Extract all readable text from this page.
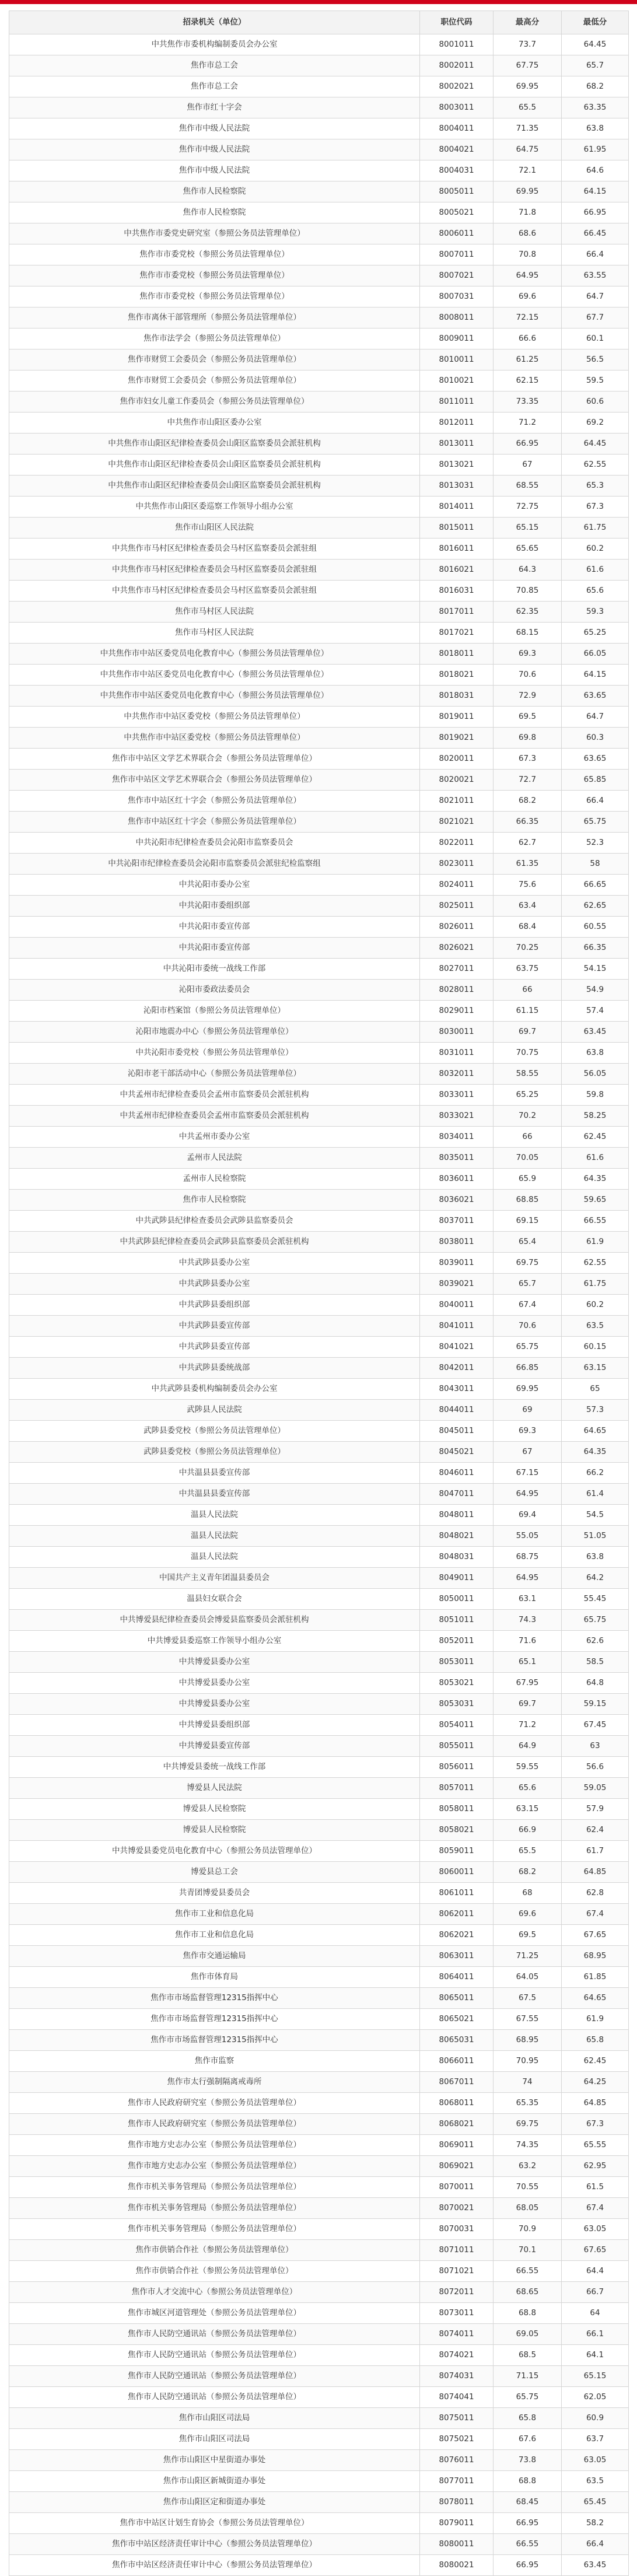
招录机关（单位）	职位代码	最高分	最低分
中共焦作市委机构编制委员会办公室	8001011	73.7	64.45
焦作市总工会	8002011	67.75	65.7
焦作市总工会	8002021	69.95	68.2
焦作市红十字会	8003011	65.5	63.35
焦作市中级人民法院	8004011	71.35	63.8
焦作市中级人民法院	8004021	64.75	61.95
焦作市中级人民法院	8004031	72.1	64.6
焦作市人民检察院	8005011	69.95	64.15
焦作市人民检察院	8005021	71.8	66.95
中共焦作市委党史研究室（参照公务员法管理单位）	8006011	68.6	66.45
焦作市市委党校（参照公务员法管理单位）	8007011	70.8	66.4
焦作市市委党校（参照公务员法管理单位）	8007021	64.95	63.55
焦作市市委党校（参照公务员法管理单位）	8007031	69.6	64.7
焦作市离休干部管理所（参照公务员法管理单位）	8008011	72.15	67.7
焦作市法学会（参照公务员法管理单位）	8009011	66.6	60.1
焦作市财贸工会委员会（参照公务员法管理单位）	8010011	61.25	56.5
焦作市财贸工会委员会（参照公务员法管理单位）	8010021	62.15	59.5
焦作市妇女儿童工作委员会（参照公务员法管理单位）	8011011	73.35	60.6
中共焦作市山阳区委办公室	8012011	71.2	69.2
中共焦作市山阳区纪律检查委员会山阳区监察委员会派驻机构	8013011	66.95	64.45
中共焦作市山阳区纪律检查委员会山阳区监察委员会派驻机构	8013021	67	62.55
中共焦作市山阳区纪律检查委员会山阳区监察委员会派驻机构	8013031	68.55	65.3
中共焦作市山阳区委巡察工作领导小组办公室	8014011	72.75	67.3
焦作市山阳区人民法院	8015011	65.15	61.75
中共焦作市马村区纪律检查委员会马村区监察委员会派驻组	8016011	65.65	60.2
中共焦作市马村区纪律检查委员会马村区监察委员会派驻组	8016021	64.3	61.6
中共焦作市马村区纪律检查委员会马村区监察委员会派驻组	8016031	70.85	65.6
焦作市马村区人民法院	8017011	62.35	59.3
焦作市马村区人民法院	8017021	68.15	65.25
中共焦作市中站区委党员电化教育中心（参照公务员法管理单位）	8018011	69.3	66.05
中共焦作市中站区委党员电化教育中心（参照公务员法管理单位）	8018021	70.6	64.15
中共焦作市中站区委党员电化教育中心（参照公务员法管理单位）	8018031	72.9	63.65
中共焦作市中站区委党校（参照公务员法管理单位）	8019011	69.5	64.7
中共焦作市中站区委党校（参照公务员法管理单位）	8019021	69.8	60.3
焦作市中站区文学艺术界联合会（参照公务员法管理单位）	8020011	67.3	63.65
焦作市中站区文学艺术界联合会（参照公务员法管理单位）	8020021	72.7	65.85
焦作市中站区红十字会（参照公务员法管理单位）	8021011	68.2	66.4
焦作市中站区红十字会（参照公务员法管理单位）	8021021	66.35	65.75
中共沁阳市纪律检查委员会沁阳市监察委员会	8022011	62.7	52.3
中共沁阳市纪律检查委员会沁阳市监察委员会派驻纪检监察组	8023011	61.35	58
中共沁阳市委办公室	8024011	75.6	66.65
中共沁阳市委组织部	8025011	63.4	62.65
中共沁阳市委宣传部	8026011	68.4	60.55
中共沁阳市委宣传部	8026021	70.25	66.35
中共沁阳市委统一战线工作部	8027011	63.75	54.15
沁阳市委政法委员会	8028011	66	54.9
沁阳市档案馆（参照公务员法管理单位）	8029011	61.15	57.4
沁阳市地震办中心（参照公务员法管理单位）	8030011	69.7	63.45
中共沁阳市委党校（参照公务员法管理单位）	8031011	70.75	63.8
沁阳市老干部活动中心（参照公务员法管理单位）	8032011	58.55	56.05
中共孟州市纪律检查委员会孟州市监察委员会派驻机构	8033011	65.25	59.8
中共孟州市纪律检查委员会孟州市监察委员会派驻机构	8033021	70.2	58.25
中共孟州市委办公室	8034011	66	62.45
孟州市人民法院	8035011	70.05	61.6
孟州市人民检察院	8036011	65.9	64.35
焦作市人民检察院	8036021	68.85	59.65
中共武陟县纪律检查委员会武陟县监察委员会	8037011	69.15	66.55
中共武陟县纪律检查委员会武陟县监察委员会派驻机构	8038011	65.4	61.9
中共武陟县委办公室	8039011	69.75	62.55
中共武陟县委办公室	8039021	65.7	61.75
中共武陟县委组织部	8040011	67.4	60.2
中共武陟县委宣传部	8041011	70.6	63.5
中共武陟县委宣传部	8041021	65.75	60.15
中共武陟县委统战部	8042011	66.85	63.15
中共武陟县委机构编制委员会办公室	8043011	69.95	65
武陟县人民法院	8044011	69	57.3
武陟县委党校（参照公务员法管理单位）	8045011	69.3	64.65
武陟县委党校（参照公务员法管理单位）	8045021	67	64.35
中共温县县委宣传部	8046011	67.15	66.2
中共温县县委宣传部	8047011	64.95	61.4
温县人民法院	8048011	69.4	54.5
温县人民法院	8048021	55.05	51.05
温县人民法院	8048031	68.75	63.8
中国共产主义青年团温县委员会	8049011	64.95	64.2
温县妇女联合会	8050011	63.1	55.45
中共博爱县纪律检查委员会博爱县监察委员会派驻机构	8051011	74.3	65.75
中共博爱县委巡察工作领导小组办公室	8052011	71.6	62.6
中共博爱县委办公室	8053011	65.1	58.5
中共博爱县委办公室	8053021	67.95	64.8
中共博爱县委办公室	8053031	69.7	59.15
中共博爱县委组织部	8054011	71.2	67.45
中共博爱县委宣传部	8055011	64.9	63
中共博爱县委统一战线工作部	8056011	59.55	56.6
博爱县人民法院	8057011	65.6	59.05
博爱县人民检察院	8058011	63.15	57.9
博爱县人民检察院	8058021	66.9	62.4
中共博爱县委党员电化教育中心（参照公务员法管理单位）	8059011	65.5	61.7
博爱县总工会	8060011	68.2	64.85
共青团博爱县委员会	8061011	68	62.8
焦作市工业和信息化局	8062011	69.6	67.4
焦作市工业和信息化局	8062021	69.5	67.65
焦作市交通运输局	8063011	71.25	68.95
焦作市体育局	8064011	64.05	61.85
焦作市市场监督管理12315指挥中心	8065011	67.5	64.65
焦作市市场监督管理12315指挥中心	8065021	67.55	61.9
焦作市市场监督管理12315指挥中心	8065031	68.95	65.8
焦作市监察	8066011	70.95	62.45
焦作市太行强制隔离戒毒所	8067011	74	64.25
焦作市人民政府研究室（参照公务员法管理单位）	8068011	65.35	64.85
焦作市人民政府研究室（参照公务员法管理单位）	8068021	69.75	67.3
焦作市地方史志办公室（参照公务员法管理单位）	8069011	74.35	65.55
焦作市地方史志办公室（参照公务员法管理单位）	8069021	63.2	62.95
焦作市机关事务管理局（参照公务员法管理单位）	8070011	70.55	61.5
焦作市机关事务管理局（参照公务员法管理单位）	8070021	68.05	67.4
焦作市机关事务管理局（参照公务员法管理单位）	8070031	70.9	63.05
焦作市供销合作社（参照公务员法管理单位）	8071011	70.1	67.65
焦作市供销合作社（参照公务员法管理单位）	8071021	66.55	64.4
焦作市人才交流中心（参照公务员法管理单位）	8072011	68.65	66.7
焦作市城区河道管理处（参照公务员法管理单位）	8073011	68.8	64
焦作市人民防空通讯站（参照公务员法管理单位）	8074011	69.05	66.1
焦作市人民防空通讯站（参照公务员法管理单位）	8074021	68.5	64.1
焦作市人民防空通讯站（参照公务员法管理单位）	8074031	71.15	65.15
焦作市人民防空通讯站（参照公务员法管理单位）	8074041	65.75	62.05
焦作市山阳区司法局	8075011	65.8	60.9
焦作市山阳区司法局	8075021	67.6	63.7
焦作市山阳区中星街道办事处	8076011	73.8	63.05
焦作市山阳区新城街道办事处	8077011	68.8	63.5
焦作市山阳区定和街道办事处	8078011	68.45	65.45
焦作市中站区计划生育协会（参照公务员法管理单位）	8079011	66.95	58.2
焦作市中站区经济责任审计中心（参照公务员法管理单位）	8080011	66.55	66.4
焦作市中站区经济责任审计中心（参照公务员法管理单位）	8080021	66.95	63.45
